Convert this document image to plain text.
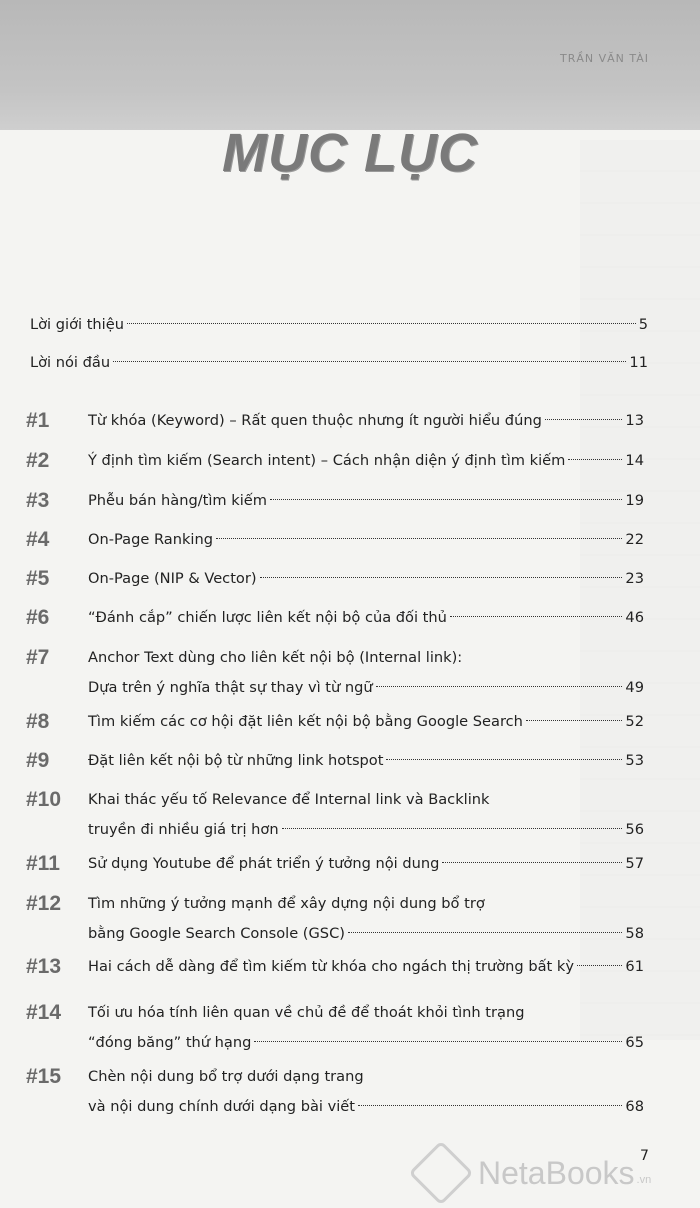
TRẦN VĂN TÀI
MỤC LỤC
Lời giới thiệu	5
Lời nói đầu	11
#1	Từ khóa (Keyword) – Rất quen thuộc nhưng ít người hiểu đúng	13
#2	Ý định tìm kiếm (Search intent) – Cách nhận diện ý định tìm kiếm	14
#3	Phễu bán hàng/tìm kiếm	19
#4	On-Page Ranking	22
#5	On-Page (NIP & Vector)	23
#6	“Đánh cắp” chiến lược liên kết nội bộ của đối thủ	46
#7	Anchor Text dùng cho liên kết nội bộ (Internal link):
Dựa trên ý nghĩa thật sự thay vì từ ngữ	49
#8	Tìm kiếm các cơ hội đặt liên kết nội bộ bằng Google Search	52
#9	Đặt liên kết nội bộ từ những link hotspot	53
#10	Khai thác yếu tố Relevance để Internal link và Backlink
truyền đi nhiều giá trị hơn	56
#11	Sử dụng Youtube để phát triển ý tưởng nội dung	57
#12	Tìm những ý tưởng mạnh để xây dựng nội dung bổ trợ
bằng Google Search Console (GSC)	58
#13	Hai cách dễ dàng để tìm kiếm từ khóa cho ngách thị trường bất kỳ	61
#14	Tối ưu hóa tính liên quan về chủ đề để thoát khỏi tình trạng
“đóng băng” thứ hạng	65
#15	Chèn nội dung bổ trợ dưới dạng trang
và nội dung chính dưới dạng bài viết	68
7
NetaBooks .vn
